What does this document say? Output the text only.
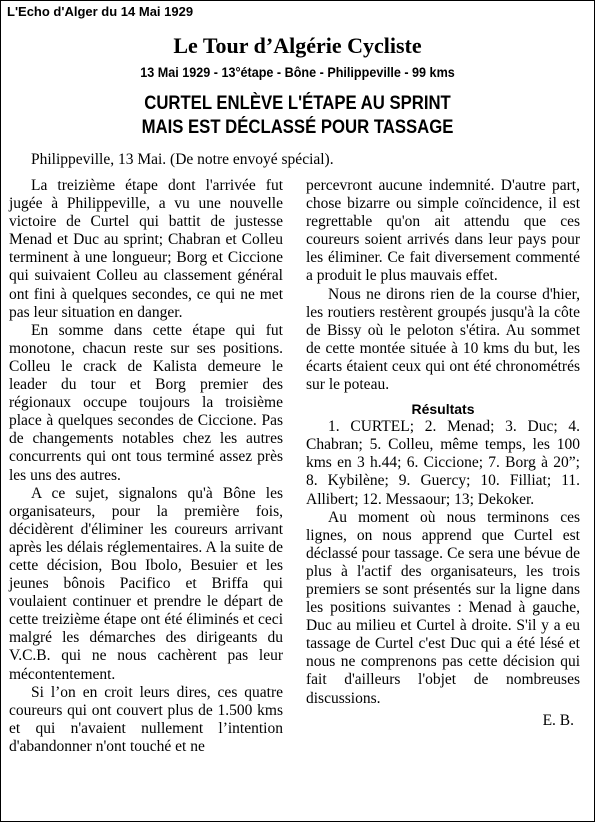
L'Echo d'Alger du 14 Mai 1929
Le Tour d’Algérie Cycliste
13 Mai 1929 - 13°étape - Bône - Philippeville - 99 kms
CURTEL ENLÈVE L'ÉTAPE AU SPRINT
MAIS EST DÉCLASSÉ POUR TASSAGE
Philippeville, 13 Mai. (De notre envoyé spécial).

La treizième étape dont l'arrivée fut jugée à Philippeville, a vu une nouvelle victoire de Curtel qui battit de justesse Menad et Duc au sprint; Chabran et Colleu terminent à une longueur; Borg et Ciccione qui suivaient Colleu au classement général ont fini à quelques secondes, ce qui ne met pas leur situation en danger.

En somme dans cette étape qui fut monotone, chacun reste sur ses positions. Colleu le crack de Kalista demeure le leader du tour et Borg premier des régionaux occupe toujours la troisième place à quelques secondes de Ciccione. Pas de changements notables chez les autres concurrents qui ont tous terminé assez près les uns des autres.

A ce sujet, signalons qu'à Bône les organisateurs, pour la première fois, décidèrent d'éliminer les coureurs arrivant après les délais réglementaires. A la suite de cette décision, Bou Ibolo, Besuier et les jeunes bônois Pacifico et Briffa qui voulaient continuer et prendre le départ de cette treizième étape ont été éliminés et ceci malgré les démarches des dirigeants du V.C.B. qui ne nous cachèrent pas leur mécontentement.

Si l’on en croit leurs dires, ces quatre coureurs qui ont couvert plus de 1.500 kms et qui n'avaient nullement l’intention d'abandonner n'ont touché et ne

percevront aucune indemnité. D'autre part, chose bizarre ou simple coïncidence, il est regrettable qu'on ait attendu que ces coureurs soient arrivés dans leur pays pour les éliminer. Ce fait diversement commenté a produit le plus mauvais effet.

Nous ne dirons rien de la course d'hier, les routiers restèrent groupés jusqu'à la côte de Bissy où le peloton s'étira. Au sommet de cette montée située à 10 kms du but, les écarts étaient ceux qui ont été chronométrés sur le poteau.

Résultats

1. CURTEL; 2. Menad; 3. Duc; 4. Chabran; 5. Colleu, même temps, les 100 kms en 3 h.44; 6. Ciccione; 7. Borg à 20”; 8. Kybilène; 9. Guercy; 10. Filliat; 11. Allibert; 12. Messaour; 13; Dekoker.

Au moment où nous terminons ces lignes, on nous apprend que Curtel est déclassé pour tassage. Ce sera une bévue de plus à l'actif des organisateurs, les trois premiers se sont présentés sur la ligne dans les positions suivantes : Menad à gauche, Duc au milieu et Curtel à droite. S'il y a eu tassage de Curtel c'est Duc qui a été lésé et nous ne comprenons pas cette décision qui fait d'ailleurs l'objet de nombreuses discussions.

E. B.
